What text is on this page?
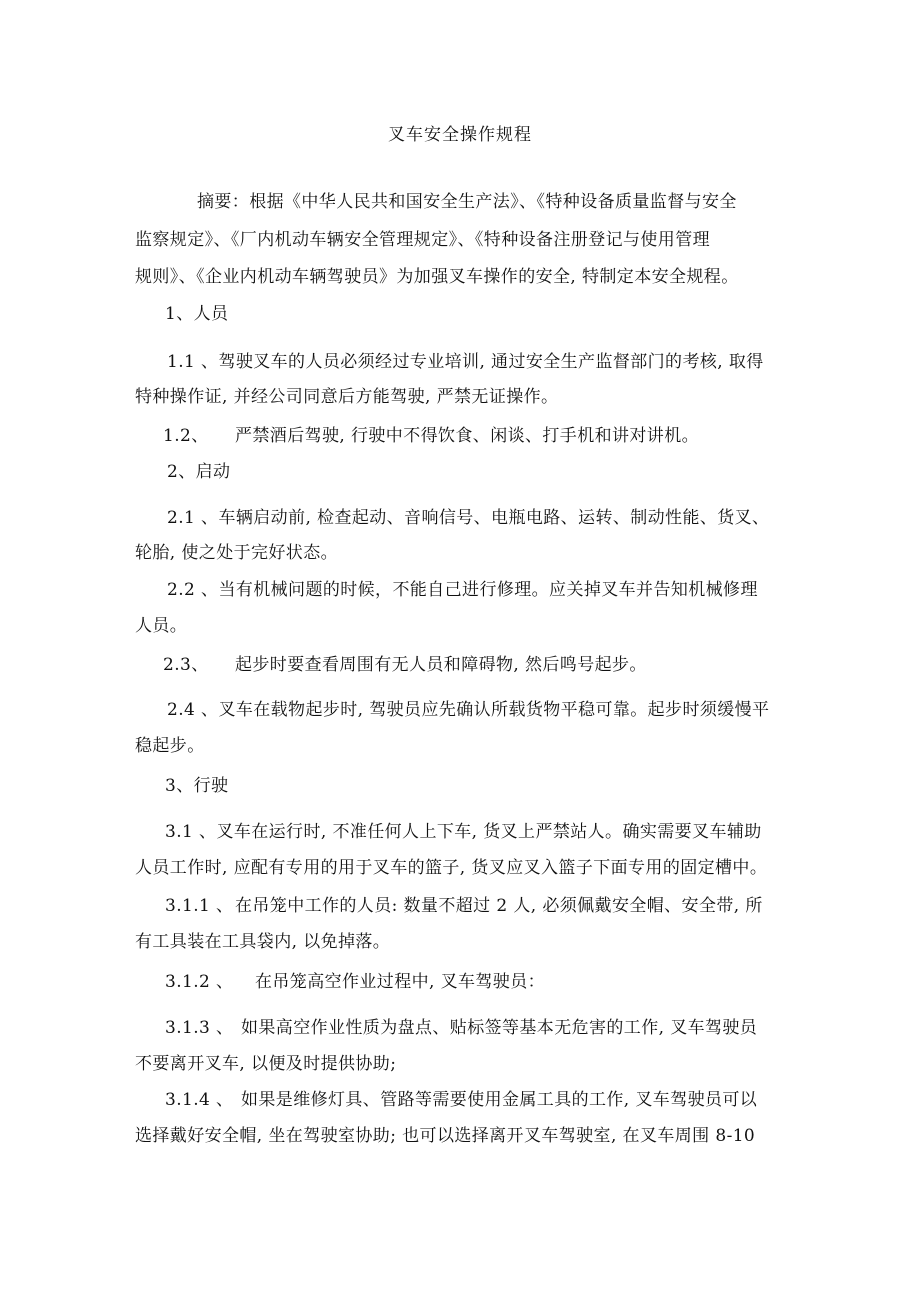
叉车安全操作规程
摘要：根据《中华人民共和国安全生产法》、《特种设备质量监督与安全
监察规定》、《厂内机动车辆安全管理规定》、《特种设备注册登记与使用管理
规则》、《企业内机动车辆驾驶员》为加强叉车操作的安全, 特制定本安全规程。
1、人员
1.1 、驾驶叉车的人员必须经过专业培训, 通过安全生产监督部门的考核, 取得
特种操作证, 并经公司同意后方能驾驶, 严禁无证操作。
1.2、 严禁酒后驾驶, 行驶中不得饮食、闲谈、打手机和讲对讲机。
2、启动
2.1 、车辆启动前, 检查起动、音响信号、电瓶电路、运转、制动性能、货叉、
轮胎, 使之处于完好状态。
2.2 、当有机械问题的时候，不能自己进行修理。应关掉叉车并告知机械修理
人员。
2.3、 起步时要查看周围有无人员和障碍物, 然后鸣号起步。
2.4 、叉车在载物起步时, 驾驶员应先确认所载货物平稳可靠。起步时须缓慢平
稳起步。
3、行驶
3.1 、叉车在运行时, 不准任何人上下车, 货叉上严禁站人。确实需要叉车辅助
人员工作时, 应配有专用的用于叉车的篮子, 货叉应叉入篮子下面专用的固定槽中。
3.1.1 、 在吊笼中工作的人员: 数量不超过 2 人, 必须佩戴安全帽、安全带, 所
有工具装在工具袋内, 以免掉落。
3.1.2 、 在吊笼高空作业过程中, 叉车驾驶员：
3.1.3 、 如果高空作业性质为盘点、贴标签等基本无危害的工作, 叉车驾驶员
不要离开叉车, 以便及时提供协助;
3.1.4 、 如果是维修灯具、管路等需要使用金属工具的工作, 叉车驾驶员可以
选择戴好安全帽, 坐在驾驶室协助; 也可以选择离开叉车驾驶室, 在叉车周围 8-10
